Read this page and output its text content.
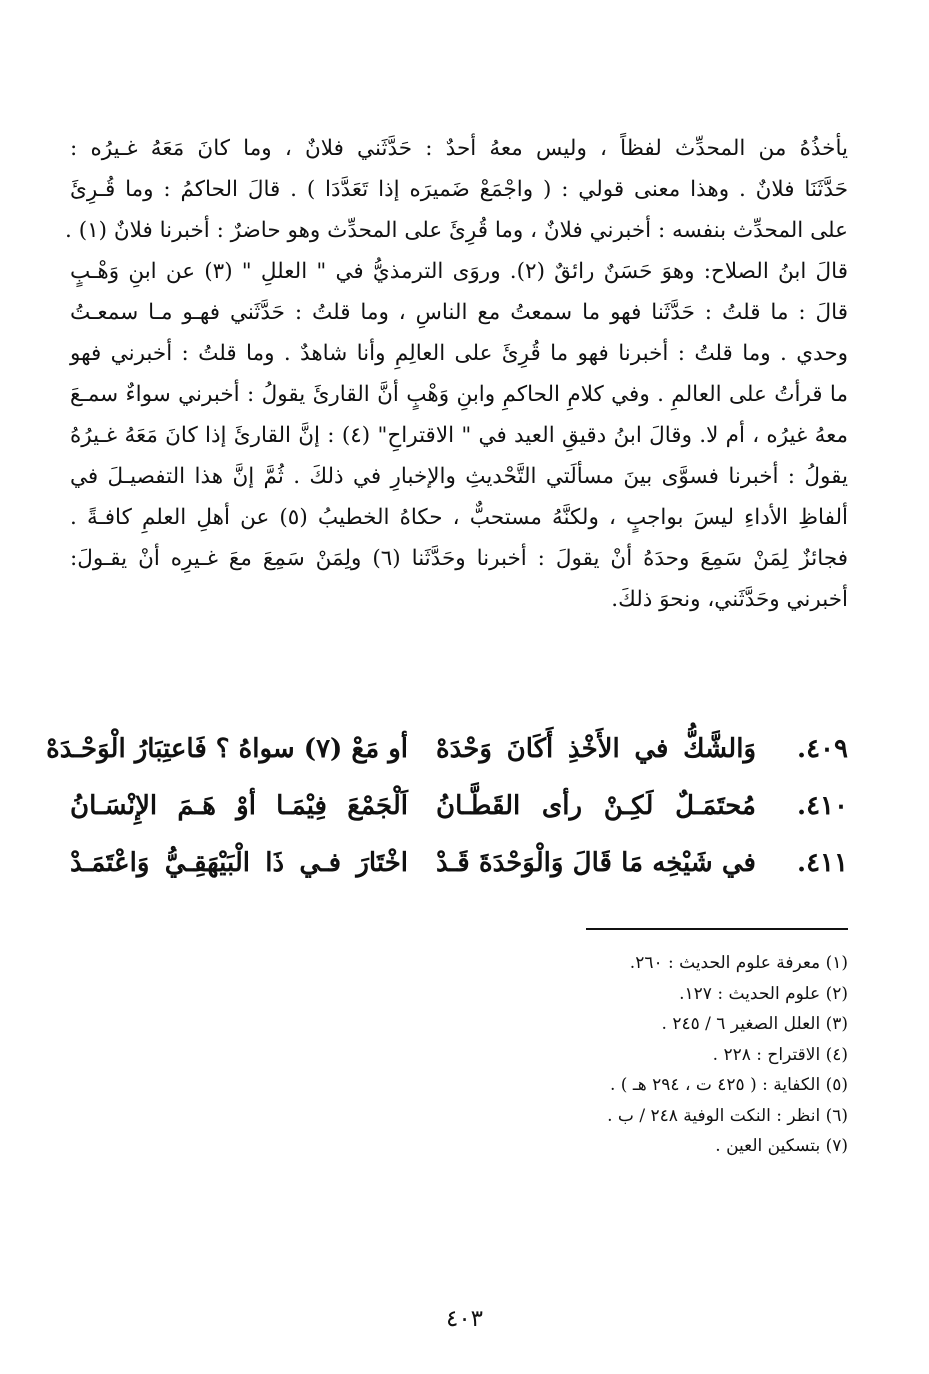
يأخذُهُ من المحدِّث لفظاً ، وليس معهُ أحدٌ : حَدَّثَني فلانٌ ، وما كانَ مَعَهُ غـيرُه :
حَدَّثَنَا فلانٌ . وهذا معنى قولي : ( واجْمَعْ ضَميرَه إذا تَعَدَّدَا ) . قالَ الحاكمُ : وما قُـرِئَ
على المحدِّث بنفسه : أخبرني فلانٌ ، وما قُرِئَ على المحدِّث وهو حاضرٌ : أخبرنا فلانٌ (١) .
قالَ ابنُ الصلاح: وهوَ حَسَنٌ رائقٌ (٢). وروَى الترمذيُّ في " العللِ " (٣) عن ابنِ وَهْـبٍ
قالَ : ما قلتُ : حَدَّثَنا فهو ما سمعتُ مع الناسِ ، وما قلتُ : حَدَّثَني فهـو مـا سمعـتُ
وحدي . وما قلتُ : أخبرنا فهو ما قُرِئَ على العالِمِ وأنا شاهدٌ . وما قلتُ : أخبرني فهو
ما قرأتُ على العالمِ . وفي كلامِ الحاكمِ وابنِ وَهْبٍ أنَّ القارئَ يقولُ : أخبرني سواءٌ سمـعَ
معهُ غيرُه ، أم لا. وقالَ ابنُ دقيقِ العيد في " الاقتراحِ" (٤) : إنَّ القارئَ إذا كانَ مَعَهُ غـيرُهُ
يقولُ : أخبرنا فسوَّى بينَ مسألَتي التَّحْديثِ والإخبارِ في ذلكَ . ثُمَّ إنَّ هذا التفصيـلَ في
ألفاظِ الأداءِ ليسَ بواجبٍ ، ولكنَّهُ مستحبٌّ ، حكاهُ الخطيبُ (٥) عن أهلِ العلمِ كافـةً .
فجائزٌ لِمَنْ سَمِعَ وحدَهُ أنْ يقولَ : أخبرنا وحَدَّثَنا (٦) ولِمَنْ سَمِعَ معَ غـيرِه أنْ يقـولَ:
أخبرني وحَدَّثَني، ونحوَ ذلكَ.
٤٠٩.
وَالشَّكُّ في الأَخْذِ أَكَانَ وَحْدَهْ
أو مَعْ (٧) سواهُ ؟ فَاعتِبَارُ الْوَحْـدَهْ
٤١٠.
مُحتَمَـلٌ لَكِـنْ رأى القَطَّـانُ
اَلْجَمْعَ فِيْمَـا أوْ هَـمَ الإِنْسَـانُ
٤١١.
في شَيْخِه مَا قَالَ وَالْوَحْدَةَ قَـدْ
اخْتَارَ فـي ذَا الْبَيْهَقِـيُّ وَاعْتَمَـدْ
(١) معرفة علوم الحديث : ٢٦٠.
(٢) علوم الحديث : ١٢٧.
(٣) العلل الصغير ٦ / ٢٤٥ .
(٤) الاقتراح : ٢٢٨ .
(٥) الكفاية : ( ٤٢٥ ت ، ٢٩٤ هـ ) .
(٦) انظر : النكت الوفية ٢٤٨ / ب .
(٧) بتسكين العين .
٤٠٣
